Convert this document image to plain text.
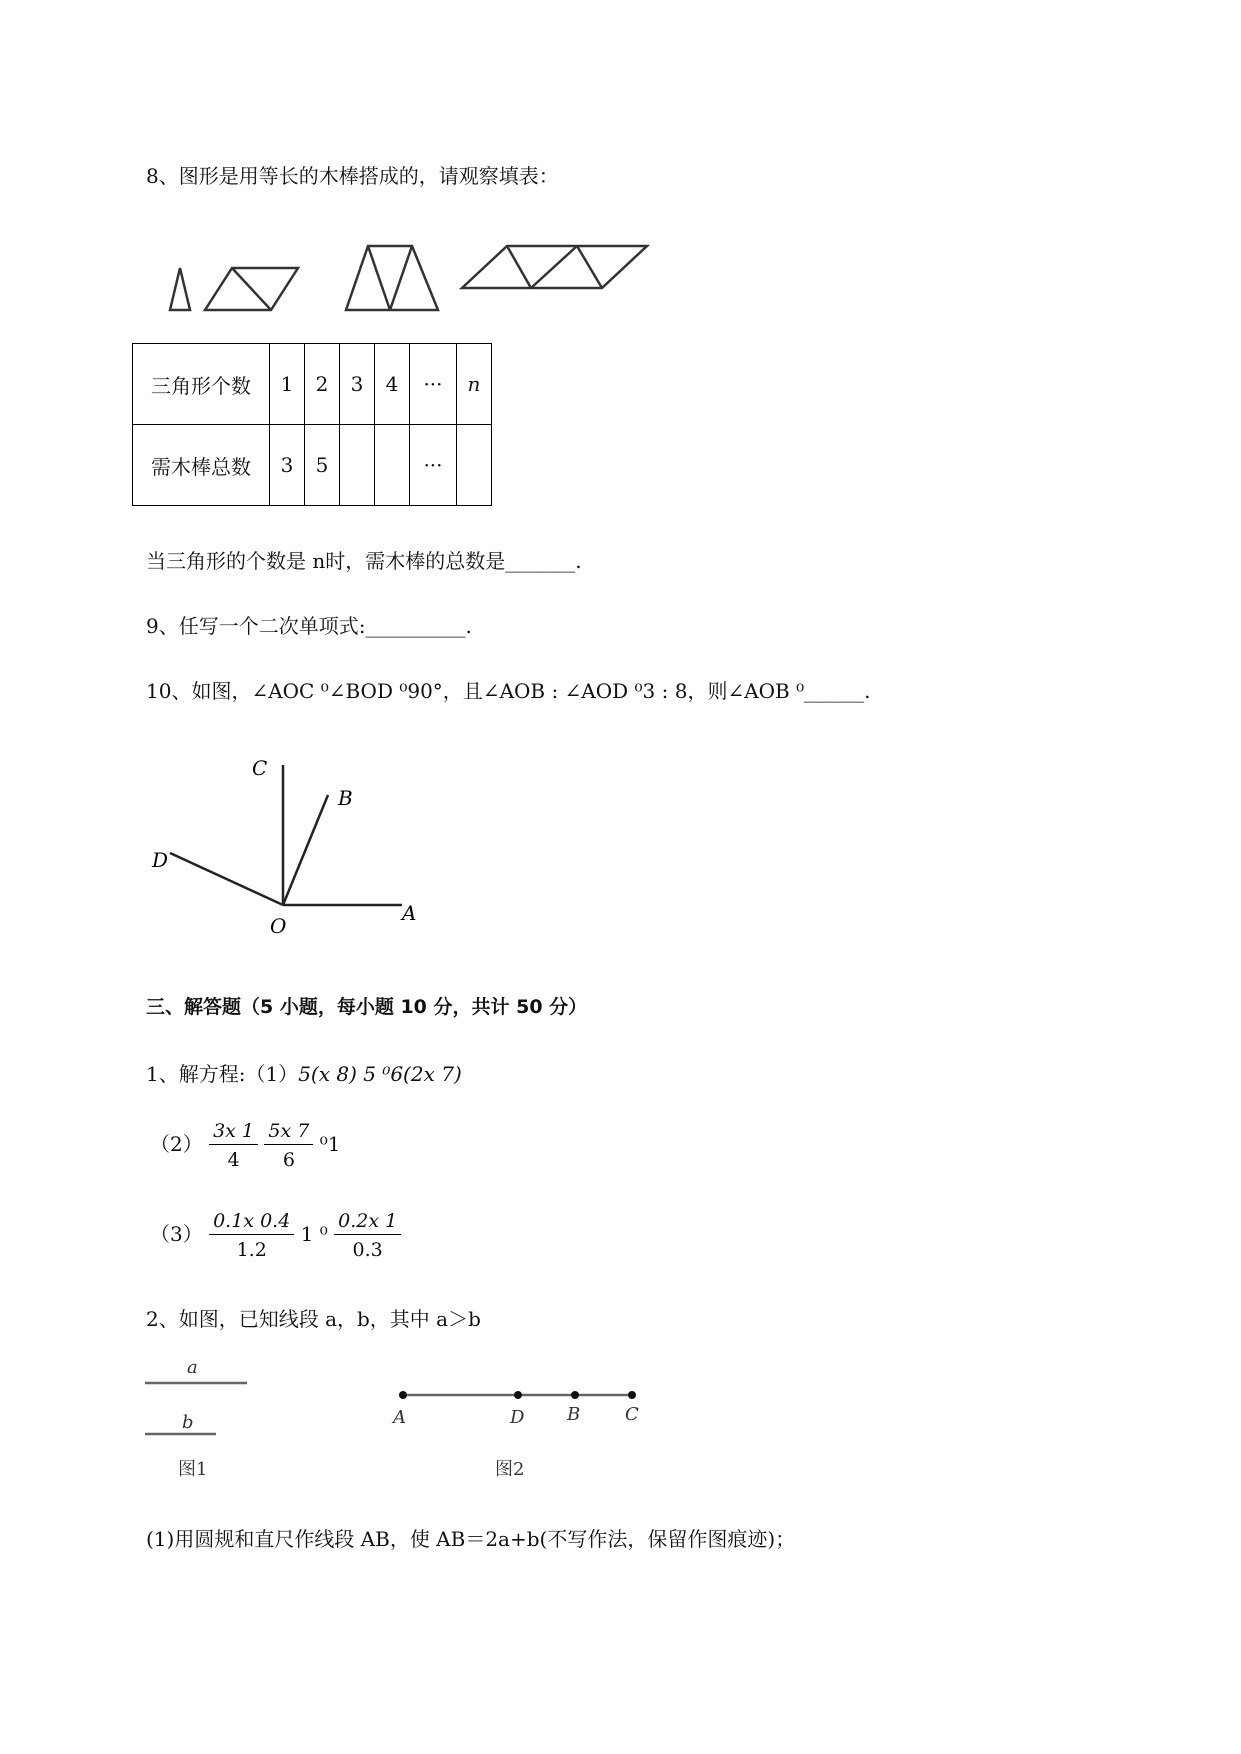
8、图形是用等长的木棒搭成的，请观察填表：
三角形个数	1	2	3	4	···	n
需木棒总数	3	5			···	
当三角形的个数是 n时，需木棒的总数是_______.
9、任写一个二次单项式:__________.
10、如图，∠AOC ⁰∠BOD ⁰90°，且∠AOB : ∠AOD ⁰3 : 8，则∠AOB ⁰______.
C
B
D
O
A
三、解答题（5 小题，每小题 10 分，共计 50 分）
1、解方程:（1）5(x 8) 5 ⁰6(2x 7)
$(2) \frac{3x 1}{4}$
$\frac{5x 7}{6} ^01$
$(3) \frac{0.1x 0.4}{1.2} 1$ $^0 \frac{0.2x 1}{0.3}$
2、如图，已知线段 a，b，其中 a＞b
a
b
图1
A	D B C
图2
(1)用圆规和直尺作线段 AB，使 AB＝2a+b(不写作法，保留作图痕迹)；
